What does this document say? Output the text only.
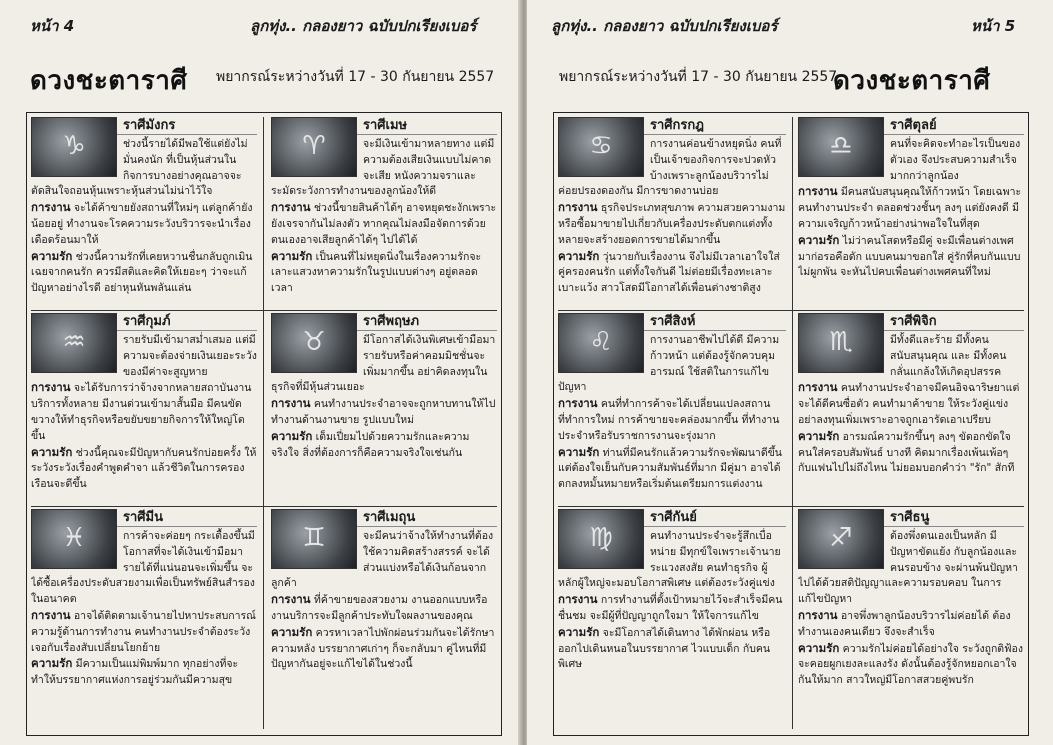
หน้า 4	ลูกทุ่ง.. กลองยาว ฉบับปกเรียงเบอร์
ดวงชะตาราศี พยากรณ์ระหว่างวันที่ 17 - 30 กันยายน 2557
♑
ราศีมังกร

ช่วงนี้รายได้มีพอใช้แต่ยังไม่มั่นคงนัก ที่เป็นหุ้นส่วนในกิจการบางอย่างคุณอาจจะตัดสินใจถอนหุ้นเพราะหุ้นส่วนไม่น่าไว้ใจ

การงาน จะได้ค้าขายยังสถานที่ใหม่ๆ แต่ลูกค้ายังน้อยอยู่ ทำงานจะโรคความระวังบริวารจะนำเรื่องเดือดร้อนมาให้

ความรัก ช่วงนี้ความรักที่เคยหวานชื่นกลับถูกเมินเฉยจากคนรัก ควรมีสติและคิดให้เยอะๆ ว่าจะแก้ปัญหาอย่างไรดี อย่าหุนหันพลันแล่น

♈
ราศีเมษ

จะมีเงินเข้ามาหลายทาง แต่มีความต้องเสียเงินแบบไม่คาดจะเสีย หนังความจราและระมัดระวังการทำงานของลูกน้องให้ดี

การงาน ช่วงนี้ขายสินค้าได้ๆ อาจหยุดชะงักเพราะยังเจรจากันไม่ลงตัว ทากคุณไม่ลงมือจัดการด้วยตนเองอาจเสียลูกค้าได้ๆ ไปได้ได้

ความรัก เป็นคนที่ไม่หยุดนิ่งในเรื่องความรักจะเลาะแสวงหาความรักในรูปแบบต่างๆ อยู่ตลอดเวลา

♒
ราศีกุมภ์

รายรับมีเข้ามาสม่ำเสมอ แต่มีความจะต้องจ่ายเงินเยอะระวังของมีค่าจะสูญหาย

การงาน จะได้รับการว่าจ้างจากหลายสถาบันงานบริการทั้งหลาย มีงานด่วนเข้ามาสั้นมือ มีคนขัดขวางให้ทำธุรกิจหรือขยับขยายกิจการให้ใหญ่โตขึ้น

ความรัก ช่วงนี้คุณจะมีปัญหากับคนรักบ่อยครั้ง ให้ระวังระวังเรื่องคำพูดคำจา แล้วชีวิตในการครองเรือนจะดีขึ้น

♉
ราศีพฤษภ

มีโอกาสได้เงินพิเศษเข้ามือมา รายรับหรือค่าคอมมิชชั่นจะเพิ่มมากขึ้น อย่าคิดลงทุนในธุรกิจที่มีหุ้นส่วนเยอะ

การงาน คนทำงานประจำอาจจะถูกหาบทานให้ไปทำงานด้านงานขาย รูปแบบใหม่

ความรัก เต็มเปี่ยมไปด้วยความรักและความจริงใจ สิ่งที่ต้องการก็คือความจริงใจเช่นกัน

♓
ราศีมีน

การค้าจะค่อยๆ กระเตื้องขึ้นมีโอกาสที่จะได้เงินเข้ามือมา รายได้ที่แน่นอนจะเพิ่มขึ้น จะได้ซื้อเครื่องประดับสวยงามเพื่อเป็นทรัพย์สินสำรองในอนาคต

การงาน อาจได้ติดตามเจ้านายไปหาประสบการณ์ความรู้ด้านการทำงาน คนทำงานประจำต้องระวังเจอกับเรื่องสับเปลี่ยนโยกย้าย

ความรัก มีความเป็นแม่พิมพ์มาก ทุกอย่างที่จะทำให้บรรยากาศแห่งการอยู่ร่วมกันมีความสุข

♊
ราศีเมถุน

จะมีคนว่าจ้างให้ทำงานที่ต้องใช้ความคิดสร้างสรรค์ จะได้ส่วนแบ่งหรือได้เงินก้อนจากลูกค้า

การงาน ที่ค้าขายของสวยงาม งานออกแบบหรืองานบริการจะมีลูกค้าประทับใจผลงานของคุณ

ความรัก ควรหาเวลาไปพักผ่อนร่วมกันจะได้รักษาความหลัง บรรยากาศเก่าๆ ก็จะกลับมา คู่ไหนที่มีปัญหากันอยู่จะแก้ไขได้ในช่วงนี้

ลูกทุ่ง.. กลองยาว ฉบับปกเรียงเบอร์	หน้า 5
พยากรณ์ระหว่างวันที่ 17 - 30 กันยายน 2557
ดวงชะตาราศี
♋
ราศีกรกฎ

การงานค่อนข้างหยุดนิ่ง คนที่เป็นเจ้าของกิจการจะปวดหัวบ้างเพราะลูกน้องบริวารไม่ค่อยปรองดองกัน มีการขาดงานบ่อย

การงาน ธุรกิจประเภทสุขภาพ ความสวยความงาม หรือซื้อมาขายไปเกี่ยวกับเครื่องประดับตกแต่งทั้งหลายจะสร้างยอดการขายได้มากขึ้น

ความรัก วุ่นวายกับเรื่องงาน จึงไม่มีเวลาเอาใจใส่คู่ครองคนรัก แต่ทั้งใจกันดี ไม่ต่อยมีเรื่องทะเลาะเบาะแว้ง สาวโสดมีโอกาสได้เพื่อนต่างชาติสูง

♎
ราศีตุลย์

คนที่จะคิดจะทำอะไรเป็นของตัวเอง จึงประสบความสำเร็จ มากกว่าลูกน้อง

การงาน มีคนสนับสนุนคุณให้ก้าวหน้า โดยเฉพาะคนทำงานประจำ ตลอดช่วงชั้นๆ ลงๆ แต่ยังคงดี มีความเจริญก้าวหน้าอย่างน่าพอใจในที่สุด

ความรัก ไม่ว่าคนโสดหรือมีคู่ จะมีเพื่อนต่างเพศมาก่อรอคือดัก แบบคนมาขอกใส่ คู่รักที่คบกันแบบไม่ผูกพัน จะหันไปคบเพื่อนต่างเพศคนที่ใหม่

♌
ราศีสิงห์

การงานอาชีพไปได้ดี มีความก้าวหน้า แต่ต้องรู้จักควบคุมอารมณ์ ใช้สติในการแก้ไขปัญหา

การงาน คนที่ทำการค้าจะได้เปลี่ยนแปลงสถานที่ทำการใหม่ การค้าขายจะคล่องมากขึ้น ที่ทำงานประจำหรือรับราชการงานจะรุ่งมาก

ความรัก ท่านที่มีคนรักแล้วความรักจะพัฒนาดีขึ้น แต่ต้องใจเย็นกับความสัมพันธ์ที่มาก มีคู่มา อาจได้ตกลงหมั้นหมายหรือเริ่มต้นเตรียมการแต่งงาน

♏
ราศีพิจิก

มีทั้งดีและร้าย มีทั้งคนสนับสนุนคุณ และ มีทั้งคนกลั่นแกล้งให้เกิดอุปสรรค

การงาน คนทำงานประจำอาจมีคนอิจฉาริษยาแต่จะได้ดีคนซื่อตัว คนทำมาค้าขาย ให้ระวังคู่แข่ง อย่าลงทุนเพิ่มเพราะอาจถูกเอารัดเอาเปรียบ

ความรัก อารมณ์ความรักขึ้นๆ ลงๆ ขัดอกขัดใจคนใส่ครอบสัมพันธ์ บางที คิดมากเรื่องเพ้นเพ้อๆ กับแฟนไปไม่ถึงไหน ไม่ยอมบอกคำว่า "รัก" สักที

♍
ราศีกันย์

คนทำงานประจำจะรู้สึกเบื่อหน่าย มีทุกข์ใจเพราะเจ้านายระแวงสงสัย คนทำธุรกิจ ผู้หลักผู้ใหญ่จะมอบโอกาสพิเศษ แต่ต้องระวังคู่แข่ง

การงาน การทำงานที่ตั้งเป้าหมายไว้จะสำเร็จมีคนชื่นชม จะมีผู้ที่ปัญญาถูกใจมา ให้ใจการแก้ไข

ความรัก จะมีโอกาสได้เดินทาง ได้พักผ่อน หรือออกไปเดินหนอในบรรยากาศ ไวแบบเด็ก กับคนพิเศษ

♐
ราศีธนู

ต้องพึ่งตนเองเป็นหลัก มีปัญหาขัดแย้ง กับลูกน้องและคนรอบข้าง จะผ่านพ้นปัญหาไปได้ด้วยสติปัญญาและความรอบคอบ ในการแก้ไขปัญหา

การงาน อาจพึ่งพาลูกน้องบริวารไม่ค่อยได้ ต้องทำงานเองคนเดียว จึงจะสำเร็จ

ความรัก ความรักไม่ค่อยได้อย่างใจ ระวังถูกติฟ้อง จะคอยผูกเยงละแลงรัง ดังนั้นต้องรู้จักหยอกเอาใจกันให้มาก สาวใหญ่มีโอกาสสวยคู่พบรัก
